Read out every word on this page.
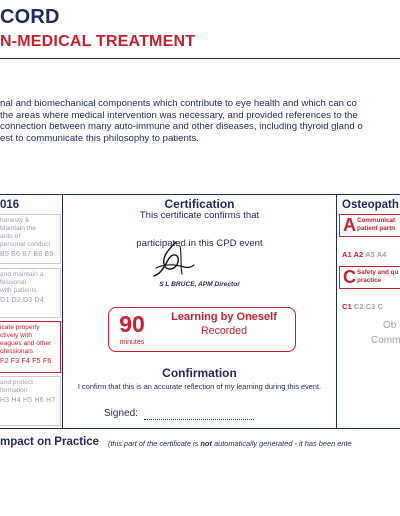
CORD
N-MEDICAL TREATMENT
nal and biomechanical components which contribute to eye health and which can co
the areas where medical intervention was necessary, and provided references to the
connection between many auto-immune and other diseases, including thyroid gland o
est to communicate this philosophy to patients.
016
honesty &
Maintain the
ards of
personal conduct
B5 B6 B7 B8 B9
and maintain a
fessional
with patients
D1 D2 D3 D4
icate properly
ctively with
eagues and other
ofessionals
F2 F3 F4 F5 F6
and protect
formation
H3 H4 H5 H6 H7
Certification
This certificate confirms that
participated in this CPD event
S L BRUCE, APM Director
90
minutes
Learning by Oneself
Recorded
Confirmation
I confirm that this is an accurate reflection of my learning during this event.
Signed:
Osteopath
A Communicat
patient partn
A1 A2 A3 A4
C Safety and qu
practice
C1 C2 C3 C
Ob
Comm
mpact on Practice (this part of the certificate is not automatically generated - it has been ente
